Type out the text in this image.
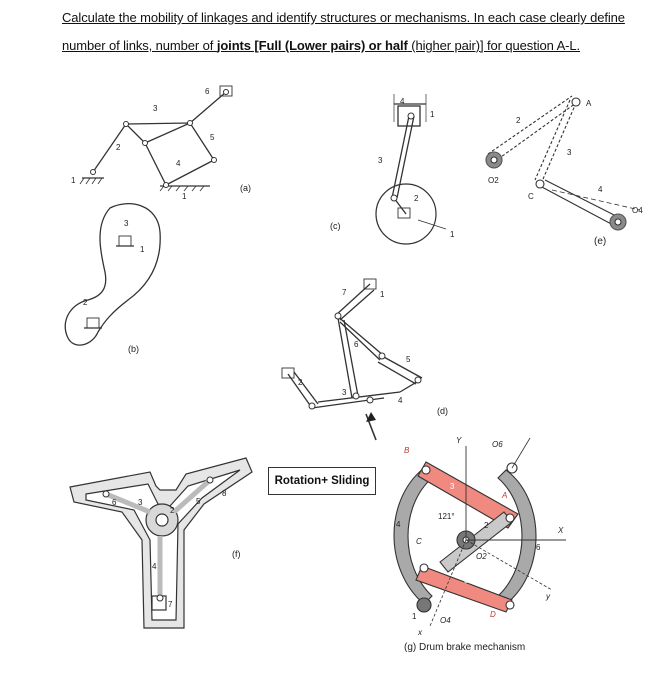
Calculate the mobility of linkages and identify structures or mechanisms. In each case clearly define
number of links, number of joints [Full (Lower pairs) or half (higher pair)] for question A-L.
6
3
2
4
5
1
1
(a)
3
1
2
(b)
4
1
3
2
1
(c)
A
2
3
O2
C
4
O4
(e)
7	1
6
5
2
3
4
(d)
Rotation+ Sliding
6	3
2
5
8
4
7
(f)
B
Y	O6
3
A
121°
4	2
C
X
6
O2
5
y
D
O4
x
1
(g) Drum brake mechanism
